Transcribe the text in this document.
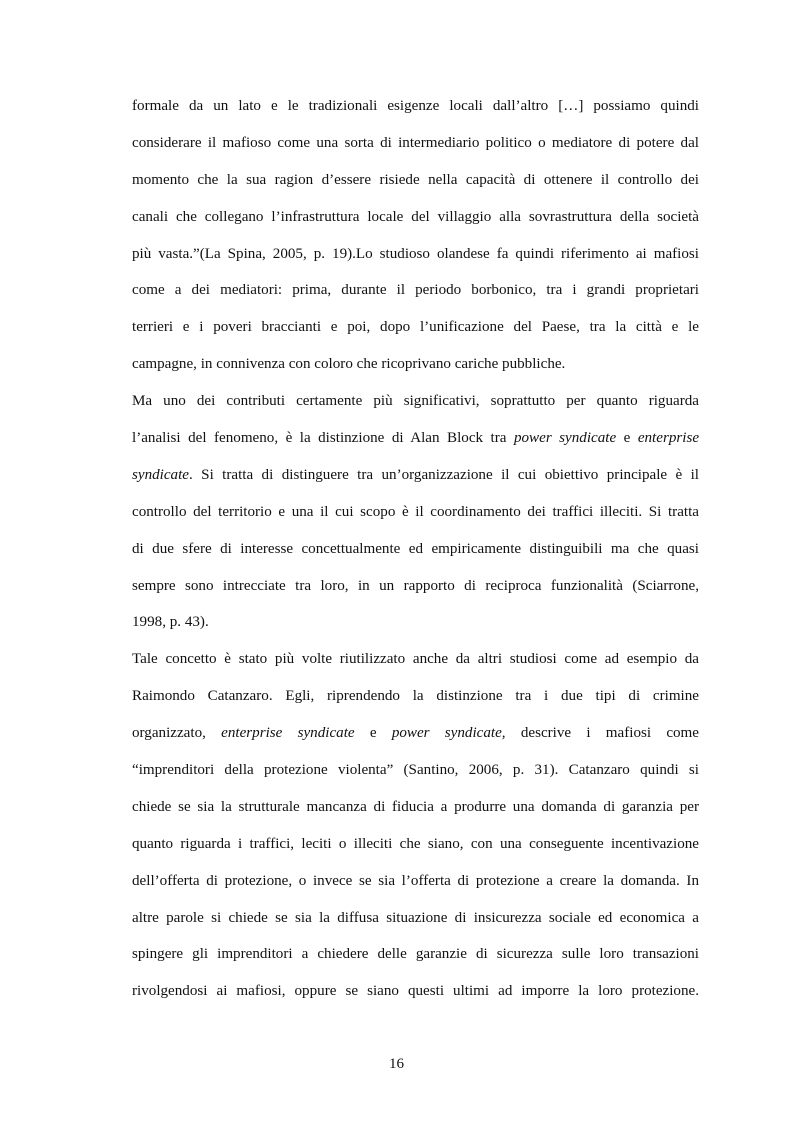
formale da un lato e le tradizionali esigenze locali dall’altro […] possiamo quindi
considerare il mafioso come una sorta di intermediario politico o mediatore di potere dal
momento che la sua ragion d’essere risiede nella capacità di ottenere il controllo dei
canali che collegano l’infrastruttura locale del villaggio alla sovrastruttura della società
più vasta.”(La Spina, 2005, p. 19).Lo studioso olandese fa quindi riferimento ai mafiosi
come a dei mediatori: prima, durante il periodo borbonico, tra i grandi proprietari
terrieri e i poveri braccianti e poi, dopo l’unificazione del Paese, tra la città e le
campagne, in connivenza con coloro che ricoprivano cariche pubbliche.
Ma uno dei contributi certamente più significativi, soprattutto per quanto riguarda
l’analisi del fenomeno, è la distinzione di Alan Block tra power syndicate e enterprise
syndicate. Si tratta di distinguere tra un’organizzazione il cui obiettivo principale è il
controllo del territorio e una il cui scopo è il coordinamento dei traffici illeciti. Si tratta
di due sfere di interesse concettualmente ed empiricamente distinguibili ma che quasi
sempre sono intrecciate tra loro, in un rapporto di reciproca funzionalità (Sciarrone,
1998, p. 43).
Tale concetto è stato più volte riutilizzato anche da altri studiosi come ad esempio da
Raimondo Catanzaro. Egli, riprendendo la distinzione tra i due tipi di crimine
organizzato, enterprise syndicate e power syndicate, descrive i mafiosi come
“imprenditori della protezione violenta” (Santino, 2006, p. 31). Catanzaro quindi si
chiede se sia la strutturale mancanza di fiducia a produrre una domanda di garanzia per
quanto riguarda i traffici, leciti o illeciti che siano, con una conseguente incentivazione
dell’offerta di protezione, o invece se sia l’offerta di protezione a creare la domanda. In
altre parole si chiede se sia la diffusa situazione di insicurezza sociale ed economica a
spingere gli imprenditori a chiedere delle garanzie di sicurezza sulle loro transazioni
rivolgendosi ai mafiosi, oppure se siano questi ultimi ad imporre la loro protezione.
16
